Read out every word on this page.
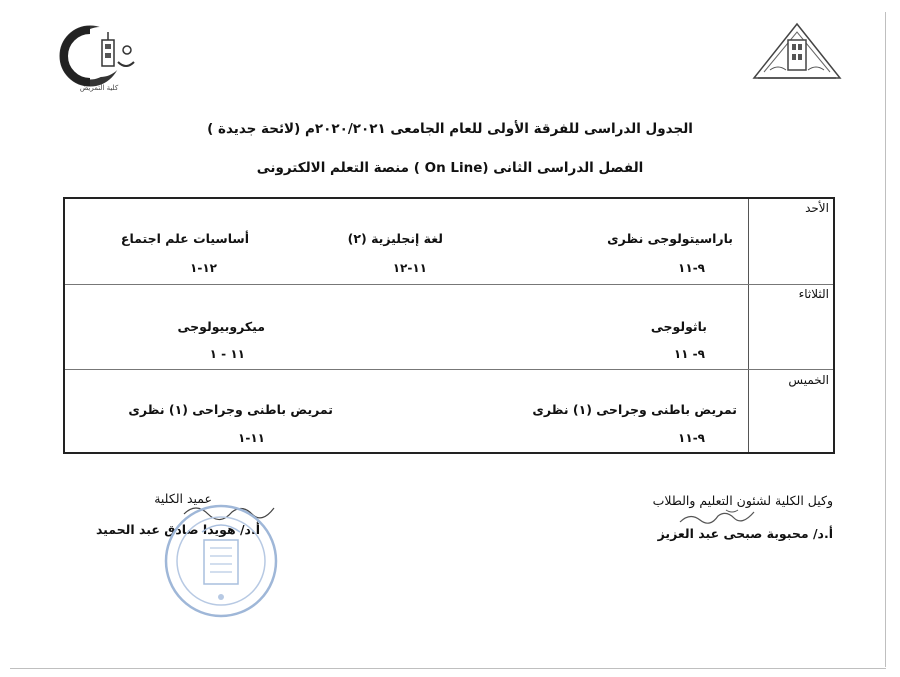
كلية التمريض
الجدول الدراسى للفرقة الأولى للعام الجامعى ٢٠٢٠/٢٠٢١م (لائحة جديدة )
الفصل الدراسى الثانى (On Line ) منصة التعلم الالكترونى
الأحد
باراسيتولوجى نظرى
٩-١١
لغة إنجليزية (٢)
١١-١٢
أساسيات علم اجتماع
١٢-١
الثلاثاء
باثولوجى
٩- ١١
ميكروبيولوجى
١١ - ١
الخميس
تمريض باطنى وجراحى (١) نظرى
٩-١١
تمريض باطنى وجراحى (١) نظرى
١١-١
وكيل الكلية لشئون التعليم والطلاب
أ.د/ محبوبة صبحى عبد العزيز
عميد الكلية
أ.د/ هويدا صادق عبد الحميد
